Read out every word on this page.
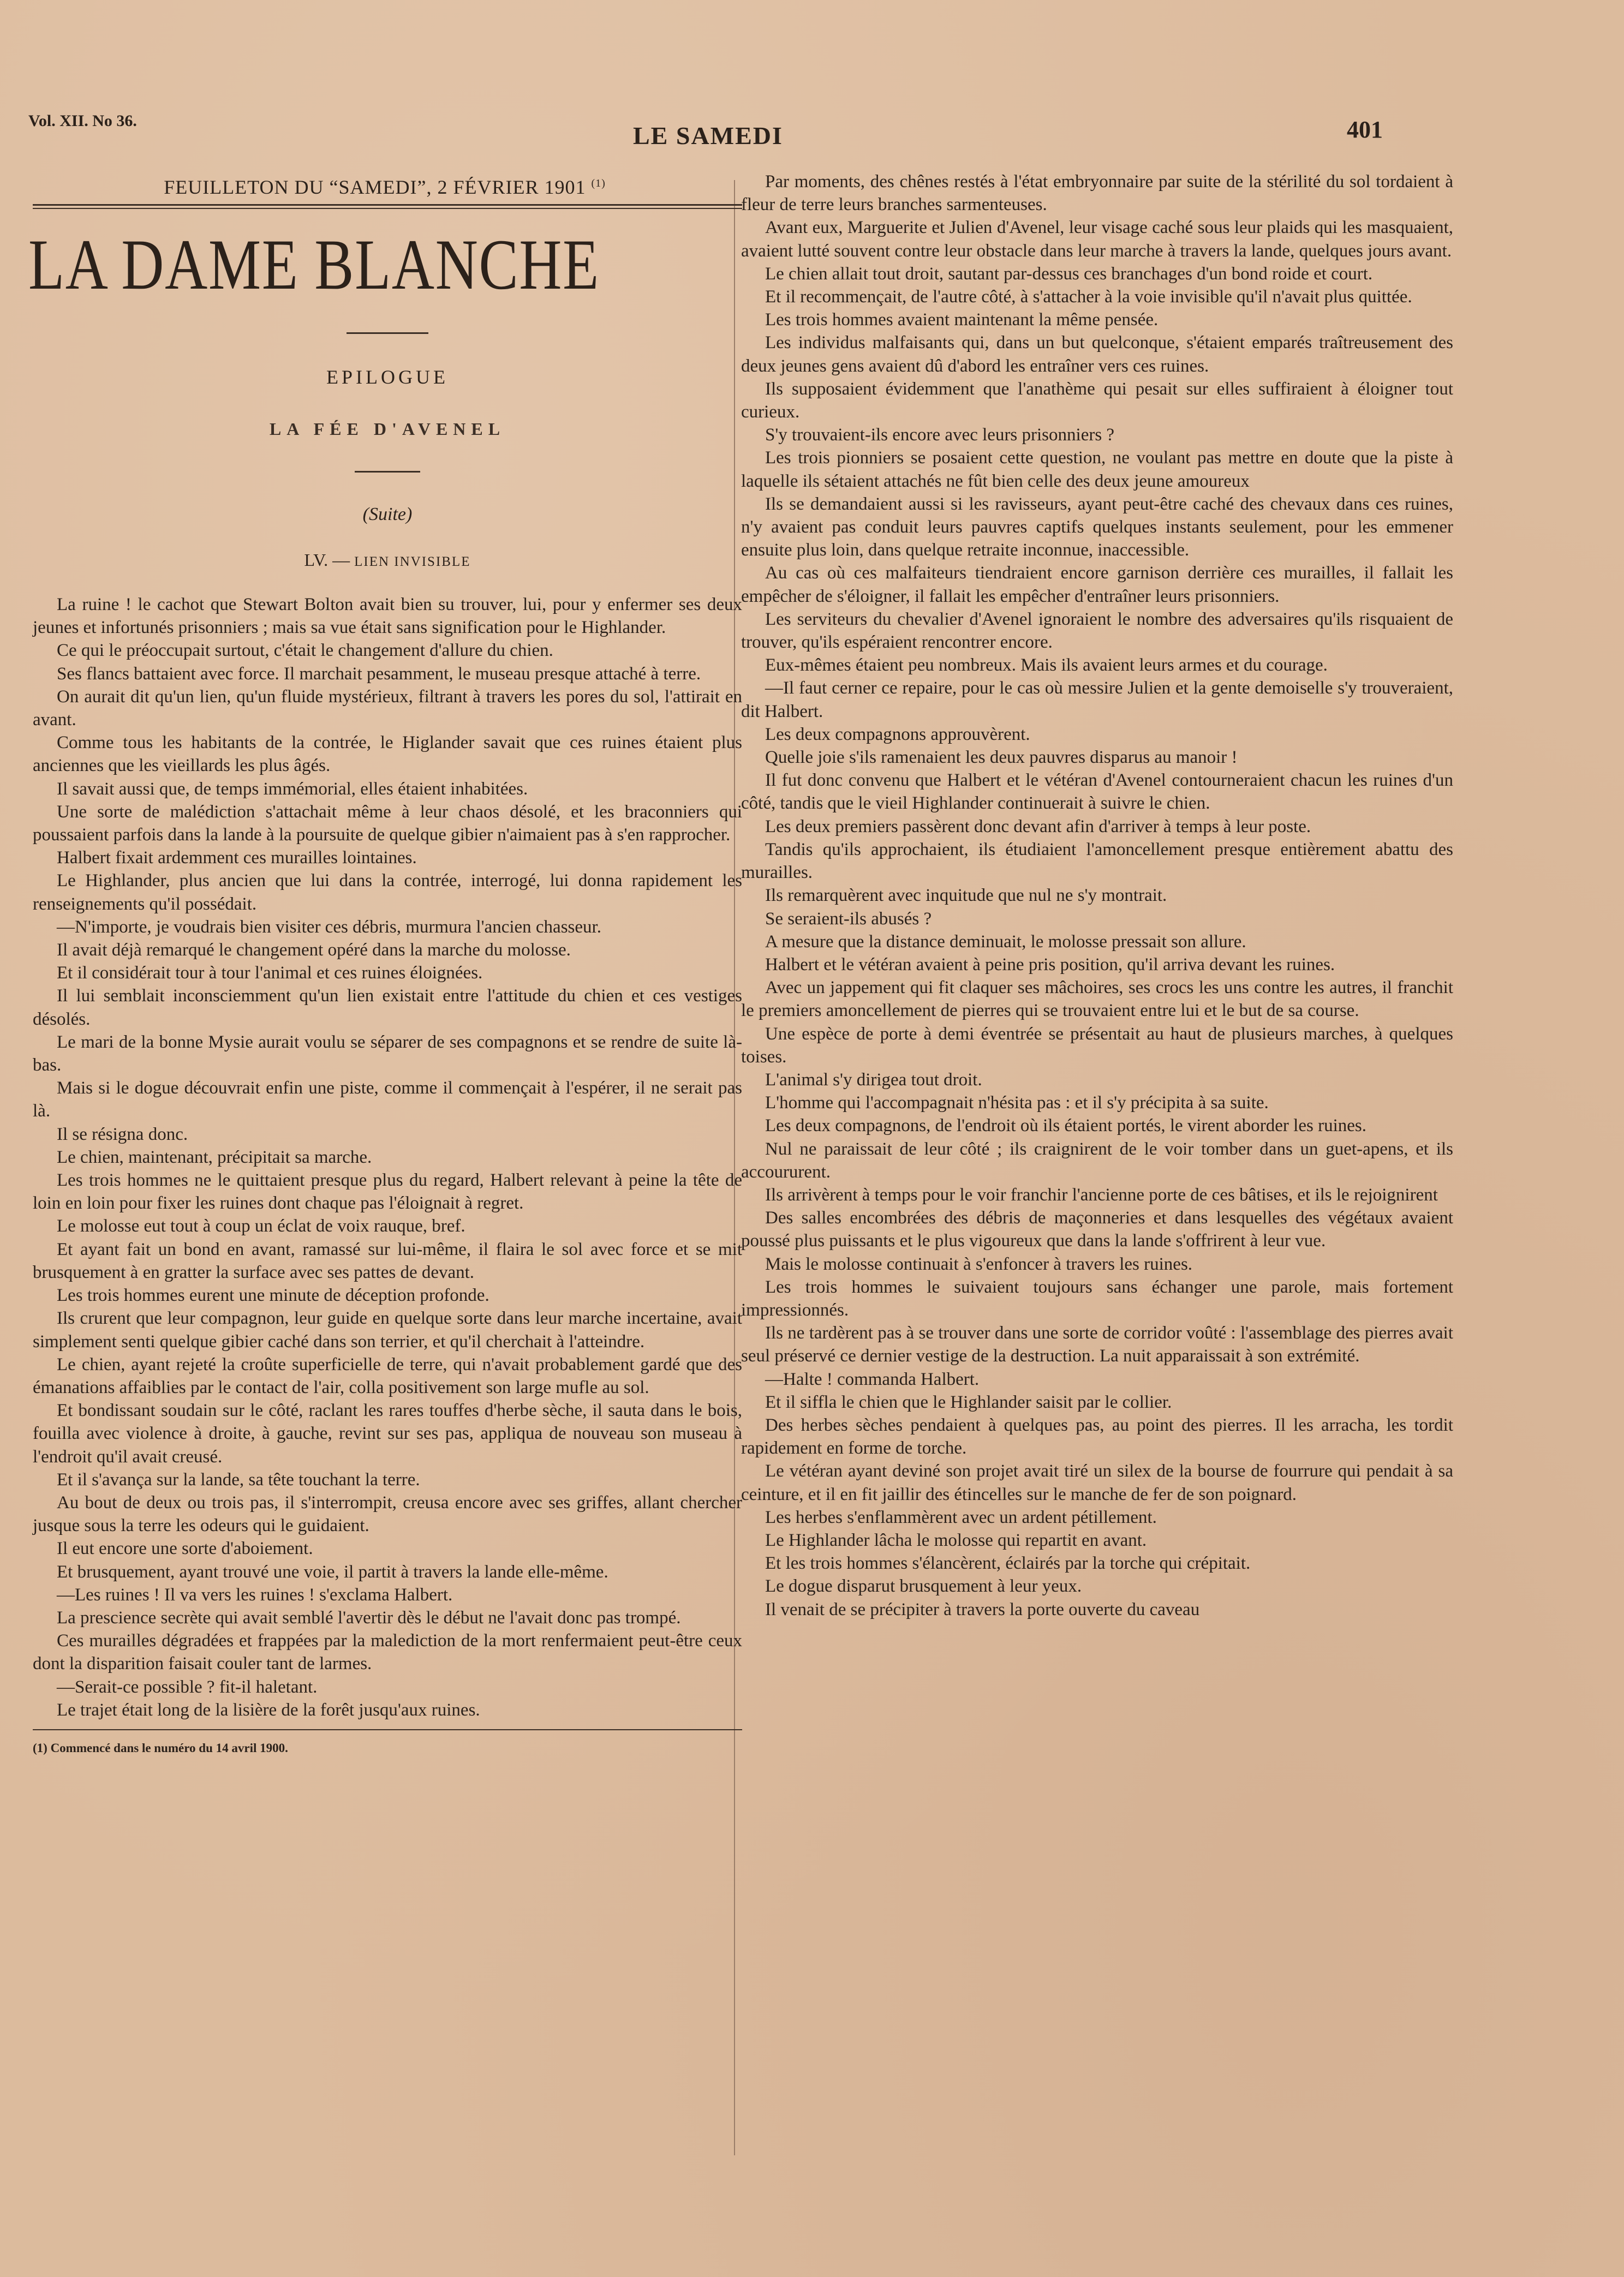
Vol. XII. No 36.
LE SAMEDI	401
FEUILLETON DU “SAMEDI”, 2 FÉVRIER 1901 $^{(1)}$
LA DAME BLANCHE
EPILOGUE
LA FÉE D'AVENEL
(Suite)
LV. — LIEN INVISIBLE

La ruine ! le cachot que Stewart Bolton avait bien su trouver, lui, pour y enfermer ses deux jeunes et infortunés prisonniers ; mais sa vue était sans signification pour le Highlander.

Ce qui le préoccupait surtout, c'était le changement d'allure du chien.

Ses flancs battaient avec force. Il marchait pesamment, le museau presque attaché à terre.

On aurait dit qu'un lien, qu'un fluide mystérieux, filtrant à travers les pores du sol, l'attirait en avant.

Comme tous les habitants de la contrée, le Higlander savait que ces ruines étaient plus anciennes que les vieillards les plus âgés.

Il savait aussi que, de temps immémorial, elles étaient inhabitées.

Une sorte de malédiction s'attachait même à leur chaos désolé, et les braconniers qui poussaient parfois dans la lande à la poursuite de quelque gibier n'aimaient pas à s'en rapprocher.

Halbert fixait ardemment ces murailles lointaines.

Le Highlander, plus ancien que lui dans la contrée, interrogé, lui donna rapidement les renseignements qu'il possédait.

—N'importe, je voudrais bien visiter ces débris, murmura l'ancien chasseur.

Il avait déjà remarqué le changement opéré dans la marche du molosse.

Et il considérait tour à tour l'animal et ces ruines éloignées.

Il lui semblait inconsciemment qu'un lien existait entre l'attitude du chien et ces vestiges désolés.

Le mari de la bonne Mysie aurait voulu se séparer de ses compagnons et se rendre de suite là-bas.

Mais si le dogue découvrait enfin une piste, comme il commençait à l'espérer, il ne serait pas là.

Il se résigna donc.

Le chien, maintenant, précipitait sa marche.

Les trois hommes ne le quittaient presque plus du regard, Halbert relevant à peine la tête de loin en loin pour fixer les ruines dont chaque pas l'éloignait à regret.

Le molosse eut tout à coup un éclat de voix rauque, bref.

Et ayant fait un bond en avant, ramassé sur lui-même, il flaira le sol avec force et se mit brusquement à en gratter la surface avec ses pattes de devant.

Les trois hommes eurent une minute de déception profonde.

Ils crurent que leur compagnon, leur guide en quelque sorte dans leur marche incertaine, avait simplement senti quelque gibier caché dans son terrier, et qu'il cherchait à l'atteindre.

Le chien, ayant rejeté la croûte superficielle de terre, qui n'avait probablement gardé que des émanations affaiblies par le contact de l'air, colla positivement son large mufle au sol.

Et bondissant soudain sur le côté, raclant les rares touffes d'herbe sèche, il sauta dans le bois, fouilla avec violence à droite, à gauche, revint sur ses pas, appliqua de nouveau son museau à l'endroit qu'il avait creusé.

Et il s'avança sur la lande, sa tête touchant la terre.

Au bout de deux ou trois pas, il s'interrompit, creusa encore avec ses griffes, allant chercher jusque sous la terre les odeurs qui le guidaient.

Il eut encore une sorte d'aboiement.

Et brusquement, ayant trouvé une voie, il partit à travers la lande elle-même.

—Les ruines ! Il va vers les ruines ! s'exclama Halbert.

La prescience secrète qui avait semblé l'avertir dès le début ne l'avait donc pas trompé.

Ces murailles dégradées et frappées par la malediction de la mort renfermaient peut-être ceux dont la disparition faisait couler tant de larmes.

—Serait-ce possible ? fit-il haletant.

Le trajet était long de la lisière de la forêt jusqu'aux ruines.

(1) Commencé dans le numéro du 14 avril 1900.

Par moments, des chênes restés à l'état embryonnaire par suite de la stérilité du sol tordaient à fleur de terre leurs branches sarmenteuses.

Avant eux, Marguerite et Julien d'Avenel, leur visage caché sous leur plaids qui les masquaient, avaient lutté souvent contre leur obstacle dans leur marche à travers la lande, quelques jours avant.

Le chien allait tout droit, sautant par-dessus ces branchages d'un bond roide et court.

Et il recommençait, de l'autre côté, à s'attacher à la voie invisible qu'il n'avait plus quittée.

Les trois hommes avaient maintenant la même pensée.

Les individus malfaisants qui, dans un but quelconque, s'étaient emparés traîtreusement des deux jeunes gens avaient dû d'abord les entraîner vers ces ruines.

Ils supposaient évidemment que l'anathème qui pesait sur elles suffiraient à éloigner tout curieux.

S'y trouvaient-ils encore avec leurs prisonniers ?

Les trois pionniers se posaient cette question, ne voulant pas mettre en doute que la piste à laquelle ils sétaient attachés ne fût bien celle des deux jeune amoureux

Ils se demandaient aussi si les ravisseurs, ayant peut-être caché des chevaux dans ces ruines, n'y avaient pas conduit leurs pauvres captifs quelques instants seulement, pour les emmener ensuite plus loin, dans quelque retraite inconnue, inaccessible.

Au cas où ces malfaiteurs tiendraient encore garnison derrière ces murailles, il fallait les empêcher de s'éloigner, il fallait les empêcher d'entraîner leurs prisonniers.

Les serviteurs du chevalier d'Avenel ignoraient le nombre des adversaires qu'ils risquaient de trouver, qu'ils espéraient rencontrer encore.

Eux-mêmes étaient peu nombreux. Mais ils avaient leurs armes et du courage.

—Il faut cerner ce repaire, pour le cas où messire Julien et la gente demoiselle s'y trouveraient, dit Halbert.

Les deux compagnons approuvèrent.

Quelle joie s'ils ramenaient les deux pauvres disparus au manoir !

Il fut donc convenu que Halbert et le vétéran d'Avenel contourneraient chacun les ruines d'un côté, tandis que le vieil Highlander continuerait à suivre le chien.

Les deux premiers passèrent donc devant afin d'arriver à temps à leur poste.

Tandis qu'ils approchaient, ils étudiaient l'amoncellement presque entièrement abattu des murailles.

Ils remarquèrent avec inquitude que nul ne s'y montrait.

Se seraient-ils abusés ?

A mesure que la distance deminuait, le molosse pressait son allure.

Halbert et le vétéran avaient à peine pris position, qu'il arriva devant les ruines.

Avec un jappement qui fit claquer ses mâchoires, ses crocs les uns contre les autres, il franchit le premiers amoncellement de pierres qui se trouvaient entre lui et le but de sa course.

Une espèce de porte à demi éventrée se présentait au haut de plusieurs marches, à quelques toises.

L'animal s'y dirigea tout droit.

L'homme qui l'accompagnait n'hésita pas : et il s'y précipita à sa suite.

Les deux compagnons, de l'endroit où ils étaient portés, le virent aborder les ruines.

Nul ne paraissait de leur côté ; ils craignirent de le voir tomber dans un guet-apens, et ils accoururent.

Ils arrivèrent à temps pour le voir franchir l'ancienne porte de ces bâtises, et ils le rejoignirent

Des salles encombrées des débris de maçonneries et dans lesquelles des végétaux avaient poussé plus puissants et le plus vigoureux que dans la lande s'offrirent à leur vue.

Mais le molosse continuait à s'enfoncer à travers les ruines.

Les trois hommes le suivaient toujours sans échanger une parole, mais fortement impressionnés.

Ils ne tardèrent pas à se trouver dans une sorte de corridor voûté : l'assemblage des pierres avait seul préservé ce dernier vestige de la destruction. La nuit apparaissait à son extrémité.

—Halte ! commanda Halbert.

Et il siffla le chien que le Highlander saisit par le collier.

Des herbes sèches pendaient à quelques pas, au point des pierres. Il les arracha, les tordit rapidement en forme de torche.

Le vétéran ayant deviné son projet avait tiré un silex de la bourse de fourrure qui pendait à sa ceinture, et il en fit jaillir des étincelles sur le manche de fer de son poignard.

Les herbes s'enflammèrent avec un ardent pétillement.

Le Highlander lâcha le molosse qui repartit en avant.

Et les trois hommes s'élancèrent, éclairés par la torche qui crépitait.

Le dogue disparut brusquement à leur yeux.

Il venait de se précipiter à travers la porte ouverte du caveau
